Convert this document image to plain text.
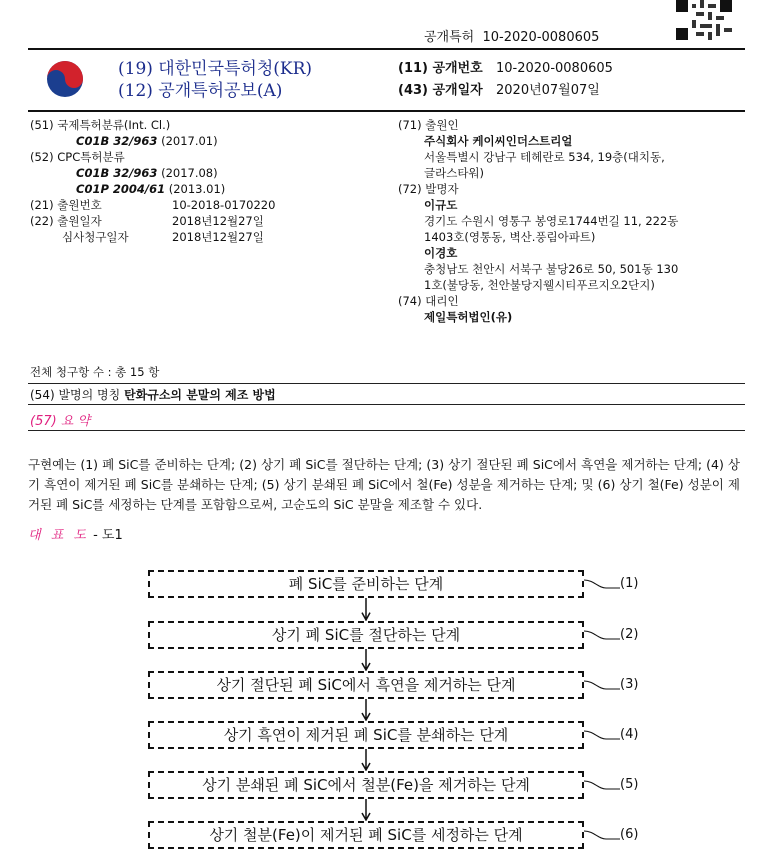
공개특허 10-2020-0080605
(19) 대한민국특허청(KR)
(12) 공개특허공보(A)
(11) 공개번호 10-2020-0080605
(43) 공개일자 2020년07월07일
(51) 국제특허분류(Int. Cl.)
C01B 32/963 (2017.01)
(52) CPC특허분류
C01B 32/963 (2017.08)
C01P 2004/61 (2013.01)
(21) 출원번호	10-2018-0170220
(22) 출원일자	2018년12월27일
심사청구일자	2018년12월27일
(71) 출원인
주식회사 케이씨인더스트리얼
서울특별시 강남구 테헤란로 534, 19층(대치동,
글라스타워)
(72) 발명자
이규도
경기도 수원시 영통구 봉영로1744번길 11, 222동
1403호(영통동, 벽산.풍림아파트)
이경호
충청남도 천안시 서북구 불당26로 50, 501동 130
1호(불당동, 천안불당지웰시티푸르지오2단지)
(74) 대리인
제일특허법인(유)
전체 청구항 수 : 총 15 항
(54) 발명의 명칭 탄화규소의 분말의 제조 방법
(57) 요 약
구현예는 (1) 폐 SiC를 준비하는 단계; (2) 상기 폐 SiC를 절단하는 단계; (3) 상기 절단된 폐 SiC에서 흑연을 제거하는 단계; (4) 상기 흑연이 제거된 폐 SiC를 분쇄하는 단계; (5) 상기 분쇄된 폐 SiC에서 철(Fe) 성분을 제거하는 단계; 및 (6) 상기 철(Fe) 성분이 제거된 폐 SiC를 세정하는 단계를 포함함으로써, 고순도의 SiC 분말을 제조할 수 있다.
대 표 도 - 도1
폐 SiC를 준비하는 단계	(1)
상기 폐 SiC를 절단하는 단계	(2)
상기 절단된 폐 SiC에서 흑연을 제거하는 단계	(3)
상기 흑연이 제거된 폐 SiC를 분쇄하는 단계	(4)
상기 분쇄된 폐 SiC에서 철분(Fe)을 제거하는 단계	(5)
상기 철분(Fe)이 제거된 폐 SiC를 세정하는 단계	(6)
